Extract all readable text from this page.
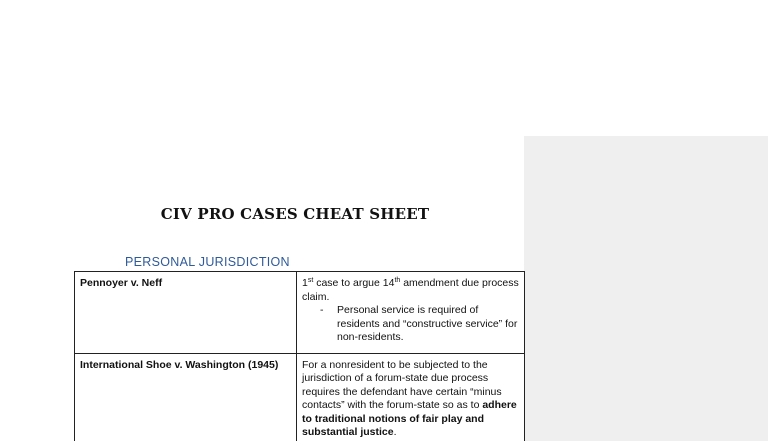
CIV PRO CASES CHEAT SHEET
PERSONAL JURISDICTION
Pennoyer v. Neff	1st case to argue 14th amendment due process claim.
- Personal service is required of residents and “constructive service” for non-residents.

International Shoe v. Washington (1945)	For a nonresident to be subjected to the jurisdiction of a forum-state due process requires the defendant have certain “minus contacts” with the forum-state so as to adhere to traditional notions of fair play and substantial justice.
